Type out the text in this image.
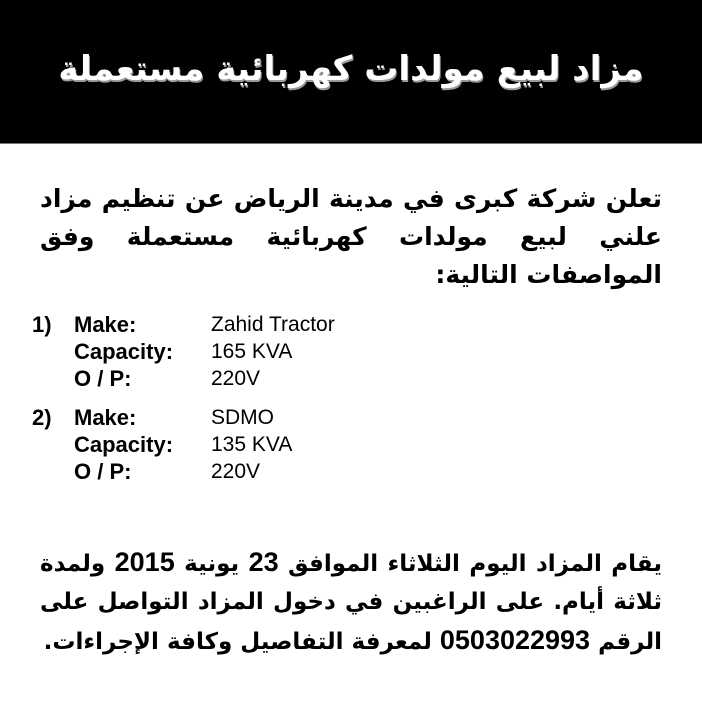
مزاد لبيع مولدات كهربائية مستعملة
تعلن شركة كبرى في مدينة الرياض عن تنظيم مزاد علني لبيع مولدات كهربائية مستعملة وفق المواصفات التالية:
1)	Make:	Zahid Tractor
Capacity:	165 KVA
O / P:	220V
2)	Make:	SDMO
Capacity:	135 KVA
O / P:	220V
يقام المزاد اليوم الثلاثاء الموافق 23 يونية 2015 ولمدة ثلاثة أيام. على الراغبين في دخول المزاد التواصل على الرقم 0503022993 لمعرفة التفاصيل وكافة الإجراءات.
